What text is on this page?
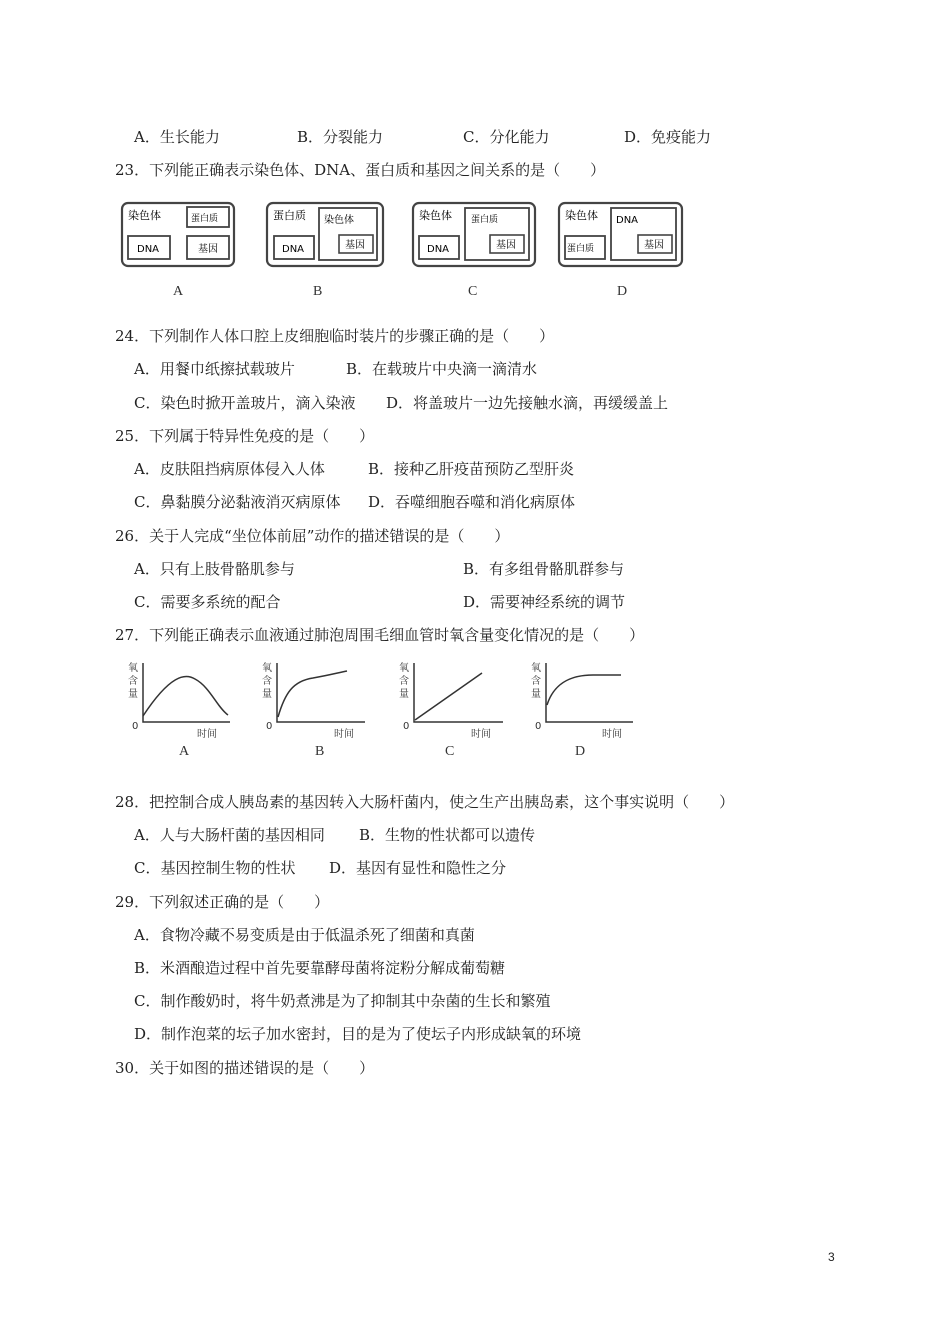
A．生长能力	B．分裂能力	C．分化能力	D．免疫能力
23．下列能正确表示染色体、DNA、蛋白质和基因之间关系的是（　　）
染色体	蛋白质
DNA	基因
蛋白质 染色体
DNA	基因
染色体 蛋白质
DNA	基因
染色体 DNA
蛋白质	基因
A	B	C	D
24．下列制作人体口腔上皮细胞临时装片的步骤正确的是（　　）
A．用餐巾纸擦拭载玻片	B．在载玻片中央滴一滴清水
C．染色时掀开盖玻片，滴入染液 D．将盖玻片一边先接触水滴，再缓缓盖上
25．下列属于特异性免疫的是（　　）
A．皮肤阻挡病原体侵入人体	B．接种乙肝疫苗预防乙型肝炎
C．鼻黏膜分泌黏液消灭病原体 D．吞噬细胞吞噬和消化病原体
26．关于人完成“坐位体前屈”动作的描述错误的是（　　）
A．只有上肢骨骼肌参与	B．有多组骨骼肌群参与
C．需要多系统的配合	D．需要神经系统的调节
27．下列能正确表示血液通过肺泡周围毛细血管时氧含量变化情况的是（　　）
氧
含
量
氧
含
量
氧
含
量
氧
含
量
0	0	0	0
时间	时间	时间	时间
A	B	C	D
28．把控制合成人胰岛素的基因转入大肠杆菌内，使之生产出胰岛素，这个事实说明（　　）
A．人与大肠杆菌的基因相同 B．生物的性状都可以遗传
C．基因控制生物的性状 D．基因有显性和隐性之分
29．下列叙述正确的是（　　）
A．食物冷藏不易变质是由于低温杀死了细菌和真菌
B．米酒酿造过程中首先要靠酵母菌将淀粉分解成葡萄糖
C．制作酸奶时，将牛奶煮沸是为了抑制其中杂菌的生长和繁殖
D．制作泡菜的坛子加水密封，目的是为了使坛子内形成缺氧的环境
30．关于如图的描述错误的是（　　）
3
